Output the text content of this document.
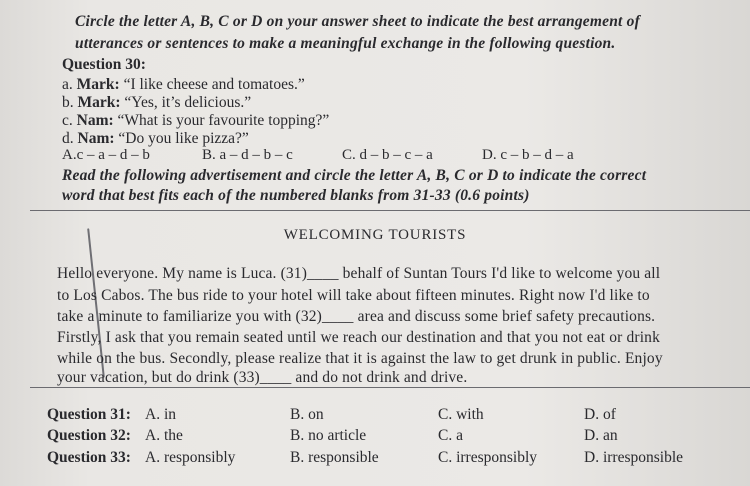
Circle the letter A, B, C or D on your answer sheet to indicate the best arrangement of
utterances or sentences to make a meaningful exchange in the following question.
Question 30:
a. Mark: “I like cheese and tomatoes.”
b. Mark: “Yes, it’s delicious.”
c. Nam: “What is your favourite topping?”
d. Nam: “Do you like pizza?”
A.c – a – d – b	B. a – d – b – c	C. d – b – c – a	D. c – b – d – a
Read the following advertisement and circle the letter A, B, C or D to indicate the correct
word that best fits each of the numbered blanks from 31-33 (0.6 points)
WELCOMING TOURISTS
Hello everyone. My name is Luca. (31)____ behalf of Suntan Tours I'd like to welcome you all
to Los Cabos. The bus ride to your hotel will take about fifteen minutes. Right now I'd like to
take a minute to familiarize you with (32)____ area and discuss some brief safety precautions.
Firstly, I ask that you remain seated until we reach our destination and that you not eat or drink
while on the bus. Secondly, please realize that it is against the law to get drunk in public. Enjoy
your vacation, but do drink (33)____ and do not drink and drive.
Question 31: A. in	B. on	C. with	D. of
Question 32: A. the	B. no article	C. a	D. an
Question 33: A. responsibly	B. responsible	C. irresponsibly	D. irresponsible
